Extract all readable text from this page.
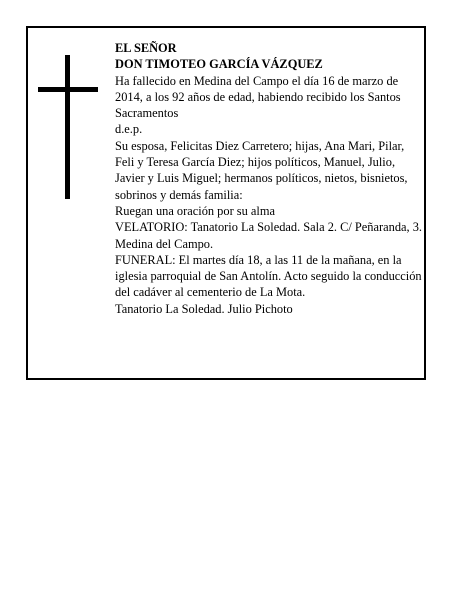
EL SEÑOR

DON TIMOTEO GARCÍA VÁZQUEZ

Ha fallecido en Medina del Campo el día 16 de marzo de 2014, a los 92 años de edad, habiendo recibido los Santos Sacramentos

d.e.p.

Su esposa, Felicitas Diez Carretero; hijas, Ana Mari, Pilar, Feli y Teresa García Diez; hijos políticos, Manuel, Julio, Javier y Luis Miguel; hermanos políticos, nietos, bisnietos, sobrinos y demás familia:

Ruegan una oración por su alma

VELATORIO: Tanatorio La Soledad. Sala 2. C/ Peñaranda, 3. Medina del Campo.

FUNERAL: El martes día 18, a las 11 de la mañana, en la iglesia parroquial de San Antolín. Acto seguido la conducción del cadáver al cementerio de La Mota.

Tanatorio La Soledad. Julio Pichoto
